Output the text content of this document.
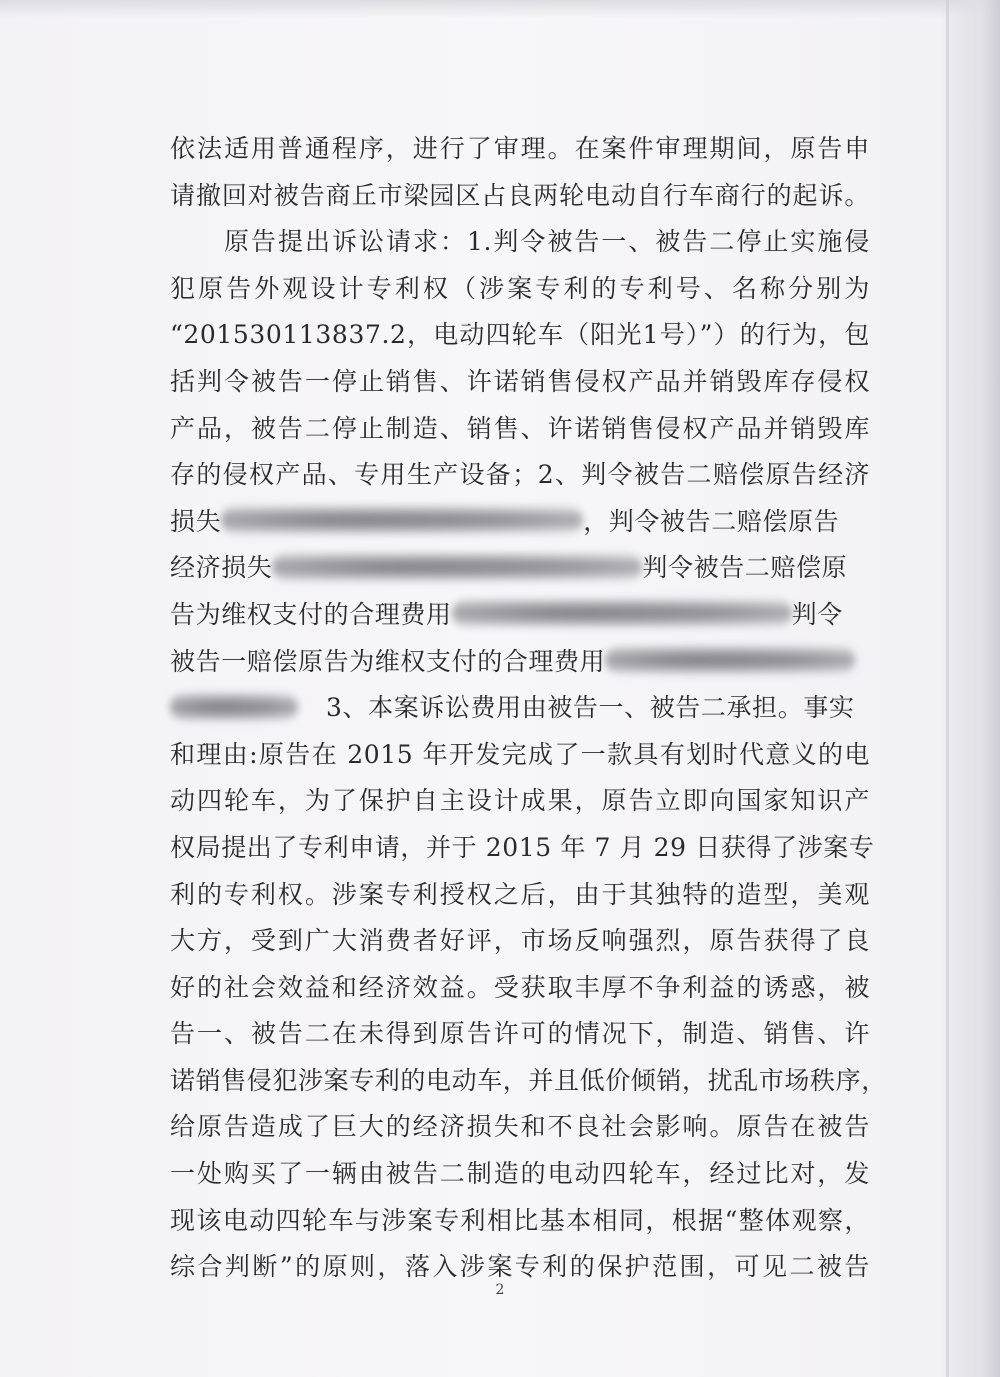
依法适用普通程序，进行了审理。在案件审理期间，原告申
请撤回对被告商丘市梁园区占良两轮电动自行车商行的起诉。
　　原告提出诉讼请求：1.判令被告一、被告二停止实施侵
犯原告外观设计专利权（涉案专利的专利号、名称分别为
“201530113837.2，电动四轮车（阳光1号）”）的行为，包
括判令被告一停止销售、许诺销售侵权产品并销毁库存侵权
产品，被告二停止制造、销售、许诺销售侵权产品并销毁库
存的侵权产品、专用生产设备；2、判令被告二赔偿原告经济
损失	，判令被告二赔偿原告
经济损失	判令被告二赔偿原
告为维权支付的合理费用	判令
被告一赔偿原告为维权支付的合理费用
3、本案诉讼费用由被告一、被告二承担。事实
和理由:原告在 2015 年开发完成了一款具有划时代意义的电
动四轮车，为了保护自主设计成果，原告立即向国家知识产
权局提出了专利申请，并于 2015 年 7 月 29 日获得了涉案专
利的专利权。涉案专利授权之后，由于其独特的造型，美观
大方，受到广大消费者好评，市场反响强烈，原告获得了良
好的社会效益和经济效益。受获取丰厚不争利益的诱惑，被
告一、被告二在未得到原告许可的情况下，制造、销售、许
诺销售侵犯涉案专利的电动车，并且低价倾销，扰乱市场秩序，
给原告造成了巨大的经济损失和不良社会影响。原告在被告
一处购买了一辆由被告二制造的电动四轮车，经过比对，发
现该电动四轮车与涉案专利相比基本相同，根据“整体观察，
综合判断”的原则，落入涉案专利的保护范围，可见二被告
2
